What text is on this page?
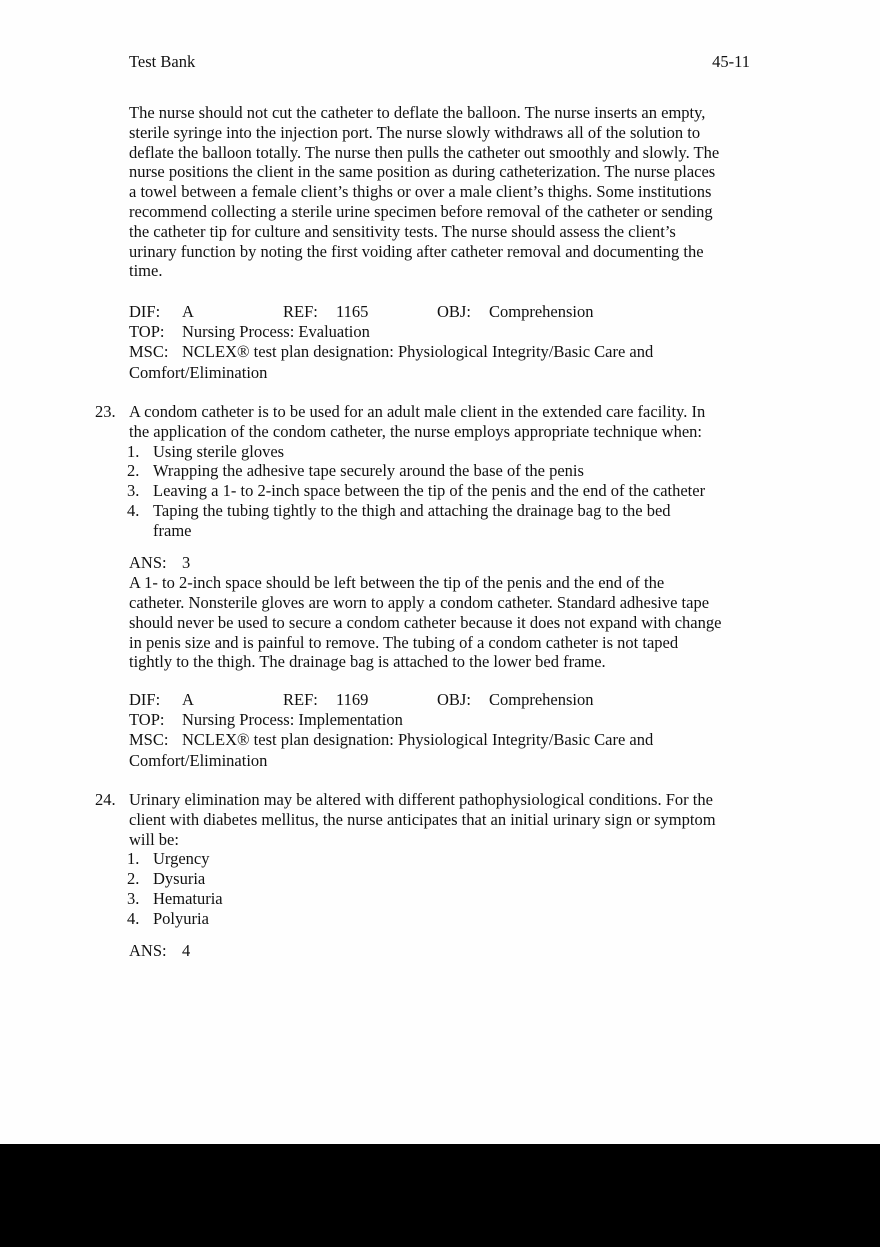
Test Bank	45-11
The nurse should not cut the catheter to deflate the balloon. The nurse inserts an empty,
sterile syringe into the injection port. The nurse slowly withdraws all of the solution to
deflate the balloon totally. The nurse then pulls the catheter out smoothly and slowly. The
nurse positions the client in the same position as during catheterization. The nurse places
a towel between a female client’s thighs or over a male client’s thighs. Some institutions
recommend collecting a sterile urine specimen before removal of the catheter or sending
the catheter tip for culture and sensitivity tests. The nurse should assess the client’s
urinary function by noting the first voiding after catheter removal and documenting the
time.
DIF: A	REF: 1165	OBJ: Comprehension
TOP: Nursing Process: Evaluation
MSC: NCLEX® test plan designation: Physiological Integrity/Basic Care and
Comfort/Elimination
23. A condom catheter is to be used for an adult male client in the extended care facility. In
the application of the condom catheter, the nurse employs appropriate technique when:
1. Using sterile gloves
2. Wrapping the adhesive tape securely around the base of the penis
3. Leaving a 1- to 2-inch space between the tip of the penis and the end of the catheter
4. Taping the tubing tightly to the thigh and attaching the drainage bag to the bed
frame
ANS: 3
A 1- to 2-inch space should be left between the tip of the penis and the end of the
catheter. Nonsterile gloves are worn to apply a condom catheter. Standard adhesive tape
should never be used to secure a condom catheter because it does not expand with change
in penis size and is painful to remove. The tubing of a condom catheter is not taped
tightly to the thigh. The drainage bag is attached to the lower bed frame.
DIF: A	REF: 1169	OBJ: Comprehension
TOP: Nursing Process: Implementation
MSC: NCLEX® test plan designation: Physiological Integrity/Basic Care and
Comfort/Elimination
24. Urinary elimination may be altered with different pathophysiological conditions. For the
client with diabetes mellitus, the nurse anticipates that an initial urinary sign or symptom
will be:
1. Urgency
2. Dysuria
3. Hematuria
4. Polyuria
ANS: 4
